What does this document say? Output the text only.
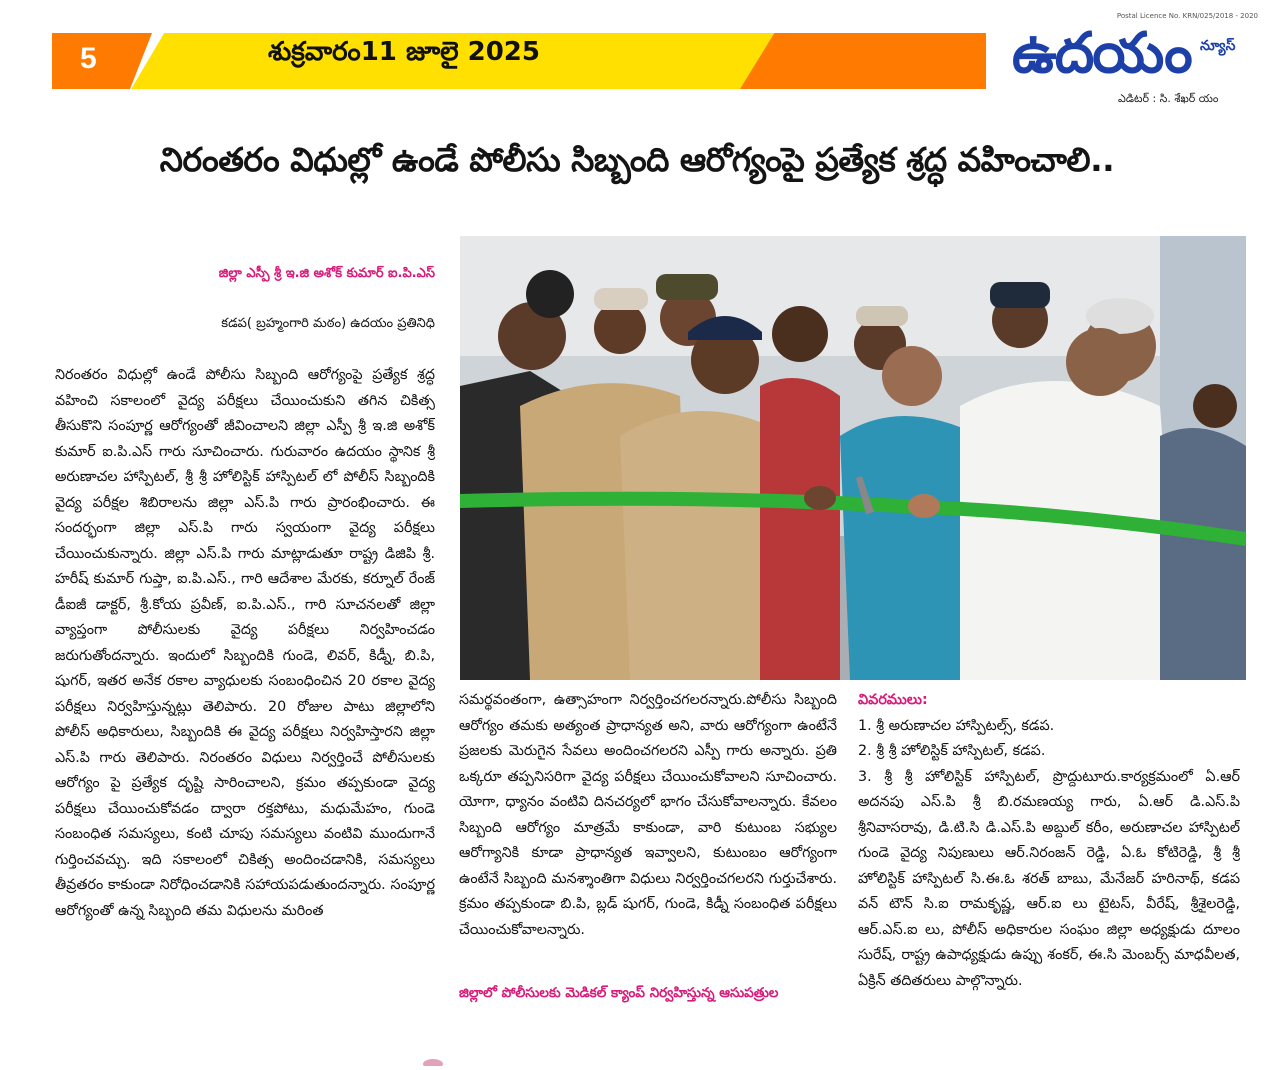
5	శుక్రవారం11 జూలై 2025
Postal Licence No. KRN/025/2018 - 2020
ఉదయం న్యూస్
ఎడిటర్ : సి. శేఖర్ యం
నిరంతరం విధుల్లో ఉండే పోలీసు సిబ్బంది ఆరోగ్యంపై ప్రత్యేక శ్రద్ధ వహించాలి..
జిల్లా ఎస్పీ శ్రీ ఇ.జి అశోక్ కుమార్ ఐ.పి.ఎస్
కడప( బ్రహ్మంగారి మఠం) ఉదయం ప్రతినిధి
నిరంతరం విధుల్లో ఉండే పోలీసు సిబ్బంది ఆరోగ్యంపై ప్రత్యేక శ్రద్ధ వహించి సకాలంలో వైద్య పరీక్షలు చేయించుకుని తగిన చికిత్స తీసుకొని సంపూర్ణ ఆరోగ్యంతో జీవించాలని జిల్లా ఎస్పీ శ్రీ ఇ.జి అశోక్ కుమార్ ఐ.పి.ఎస్ గారు సూచించారు. గురువారం ఉదయం స్థానిక శ్రీ అరుణాచల హాస్పిటల్, శ్రీ శ్రీ హోలిస్టిక్ హాస్పిటల్ లో పోలీస్ సిబ్బందికి వైద్య పరీక్షల శిబిరాలను జిల్లా ఎస్.పి గారు ప్రారంభించారు. ఈ సందర్భంగా జిల్లా ఎస్.పి గారు స్వయంగా వైద్య పరీక్షలు చేయించుకున్నారు. జిల్లా ఎస్.పి గారు మాట్లాడుతూ రాష్ట్ర డిజిపి శ్రీ. హరీష్ కుమార్ గుప్తా, ఐ.పి.ఎస్., గారి ఆదేశాల మేరకు, కర్నూల్ రేంజ్ డీఐజీ డాక్టర్, శ్రీ.కోయ ప్రవీణ్, ఐ.పి.ఎస్., గారి సూచనలతో జిల్లా వ్యాప్తంగా పోలీసులకు వైద్య పరీక్షలు నిర్వహించడం జరుగుతోందన్నారు. ఇందులో సిబ్బందికి గుండె, లివర్, కిడ్నీ, బి.పి, షుగర్, ఇతర అనేక రకాల వ్యాధులకు సంబంధించిన 20 రకాల వైద్య పరీక్షలు నిర్వహిస్తున్నట్లు తెలిపారు. 20 రోజుల పాటు జిల్లాలోని పోలీస్ అధికారులు, సిబ్బందికి ఈ వైద్య పరీక్షలు నిర్వహిస్తారని జిల్లా ఎస్.పి గారు తెలిపారు. నిరంతరం విధులు నిర్వర్తించే పోలీసులకు ఆరోగ్యం పై ప్రత్యేక దృష్టి సారించాలని, క్రమం తప్పకుండా వైద్య పరీక్షలు చేయించుకోవడం ద్వారా రక్తపోటు, మధుమేహం, గుండె సంబంధిత సమస్యలు, కంటి చూపు సమస్యలు వంటివి ముందుగానే గుర్తించవచ్చు. ఇది సకాలంలో చికిత్స అందించడానికి, సమస్యలు తీవ్రతరం కాకుండా నిరోధించడానికి సహాయపడుతుందన్నారు. సంపూర్ణ ఆరోగ్యంతో ఉన్న సిబ్బంది తమ విధులను మరింత
సమర్థవంతంగా, ఉత్సాహంగా నిర్వర్తించగలరన్నారు.పోలీసు సిబ్బంది ఆరోగ్యం తమకు అత్యంత ప్రాధాన్యత అని, వారు ఆరోగ్యంగా ఉంటేనే ప్రజలకు మెరుగైన సేవలు అందించగలరని ఎస్పీ గారు అన్నారు. ప్రతి ఒక్కరూ తప్పనిసరిగా వైద్య పరీక్షలు చేయించుకోవాలని సూచించారు. యోగా, ధ్యానం వంటివి దినచర్యలో భాగం చేసుకోవాలన్నారు. కేవలం సిబ్బంది ఆరోగ్యం మాత్రమే కాకుండా, వారి కుటుంబ సభ్యుల ఆరోగ్యానికి కూడా ప్రాధాన్యత ఇవ్వాలని, కుటుంబం ఆరోగ్యంగా ఉంటేనే సిబ్బంది మనశ్శాంతిగా విధులు నిర్వర్తించగలరని గుర్తుచేశారు. క్రమం తప్పకుండా బి.పి, బ్లడ్ షుగర్, గుండె, కిడ్నీ సంబంధిత పరీక్షలు చేయించుకోవాలన్నారు.
జిల్లాలో పోలీసులకు మెడికల్ క్యాంప్ నిర్వహిస్తున్న ఆసుపత్రుల
వివరములు:
1. శ్రీ అరుణాచల హాస్పిటల్స్, కడప.
2. శ్రీ శ్రీ హోలిస్టిక్ హాస్పిటల్, కడప.
3. శ్రీ శ్రీ హోలిస్టిక్ హాస్పిటల్, ప్రొద్దుటూరు.కార్యక్రమంలో ఏ.ఆర్ అదనపు ఎస్.పి శ్రీ బి.రమణయ్య గారు, ఏ.ఆర్ డి.ఎస్.పి శ్రీనివాసరావు, డి.టి.సి డి.ఎస్.పి అబ్దుల్ కరీం, అరుణాచల హాస్పిటల్ గుండె వైద్య నిపుణులు ఆర్.నిరంజన్ రెడ్డి, ఏ.ఓ కోటిరెడ్డి, శ్రీ శ్రీ హోలిస్టిక్ హాస్పిటల్ సి.ఈ.ఓ శరత్ బాబు, మేనేజర్ హరినాథ్, కడప వన్ టౌన్ సి.ఐ రామకృష్ణ, ఆర్.ఐ లు టైటస్, వీరేష్, శ్రీశైలరెడ్డి, ఆర్.ఎస్.ఐ లు, పోలీస్ అధికారుల సంఘం జిల్లా అధ్యక్షుడు దూలం సురేష్, రాష్ట్ర ఉపాధ్యక్షుడు ఉప్పు శంకర్, ఈ.సి మెంబర్స్ మాధవీలత, ఏక్రిన్ తదితరులు పాల్గొన్నారు.
